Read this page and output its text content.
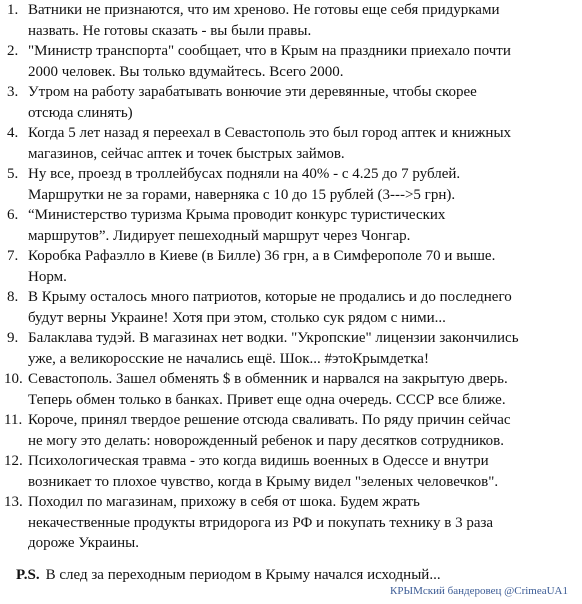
1. Ватники не признаются, что им хреново. Не готовы еще себя придурками
назвать. Не готовы сказать - вы были правы.
2. "Министр транспорта" сообщает, что в Крым на праздники приехало почти
2000 человек. Вы только вдумайтесь. Всего 2000.
3. Утром на работу зарабатывать вонючие эти деревянные, чтобы скорее
отсюда слинять)
4. Когда 5 лет назад я переехал в Севастополь это был город аптек и книжных
магазинов, сейчас аптек и точек быстрых займов.
5. Ну все, проезд в троллейбусах подняли на 40% - с 4.25 до 7 рублей.
Маршрутки не за горами, наверняка с 10 до 15 рублей (3--->5 грн).
6. “Министерство туризма Крыма проводит конкурс туристических
маршрутов”. Лидирует пешеходный маршрут через Чонгар.
7. Коробка Рафаэлло в Киеве (в Билле) 36 грн, а в Симферополе 70 и выше.
Норм.
8. В Крыму осталось много патриотов, которые не продались и до последнего
будут верны Украине! Хотя при этом, столько сук рядом с ними...
9. Балаклава тудэй. В магазинах нет водки. "Укропские" лицензии закончились
уже, а великоросские не начались ещё. Шок... #этоКрымдетка!
10. Севастополь. Зашел обменять $ в обменник и нарвался на закрытую дверь.
Теперь обмен только в банках. Привет еще одна очередь. СССР все ближе.
11. Короче, принял твердое решение отсюда сваливать. По ряду причин сейчас
не могу это делать: новорожденный ребенок и пару десятков сотрудников.
12. Психологическая травма - это когда видишь военных в Одессе и внутри
возникает то плохое чувство, когда в Крыму видел "зеленых человечков".
13. Походил по магазинам, прихожу в себя от шока. Будем жрать
некачественные продукты втридорога из РФ и покупать технику в 3 раза
дороже Украины.
P.S. В след за переходным периодом в Крыму начался исходный...
КРЫМский бандеровец @CrimeaUA1
